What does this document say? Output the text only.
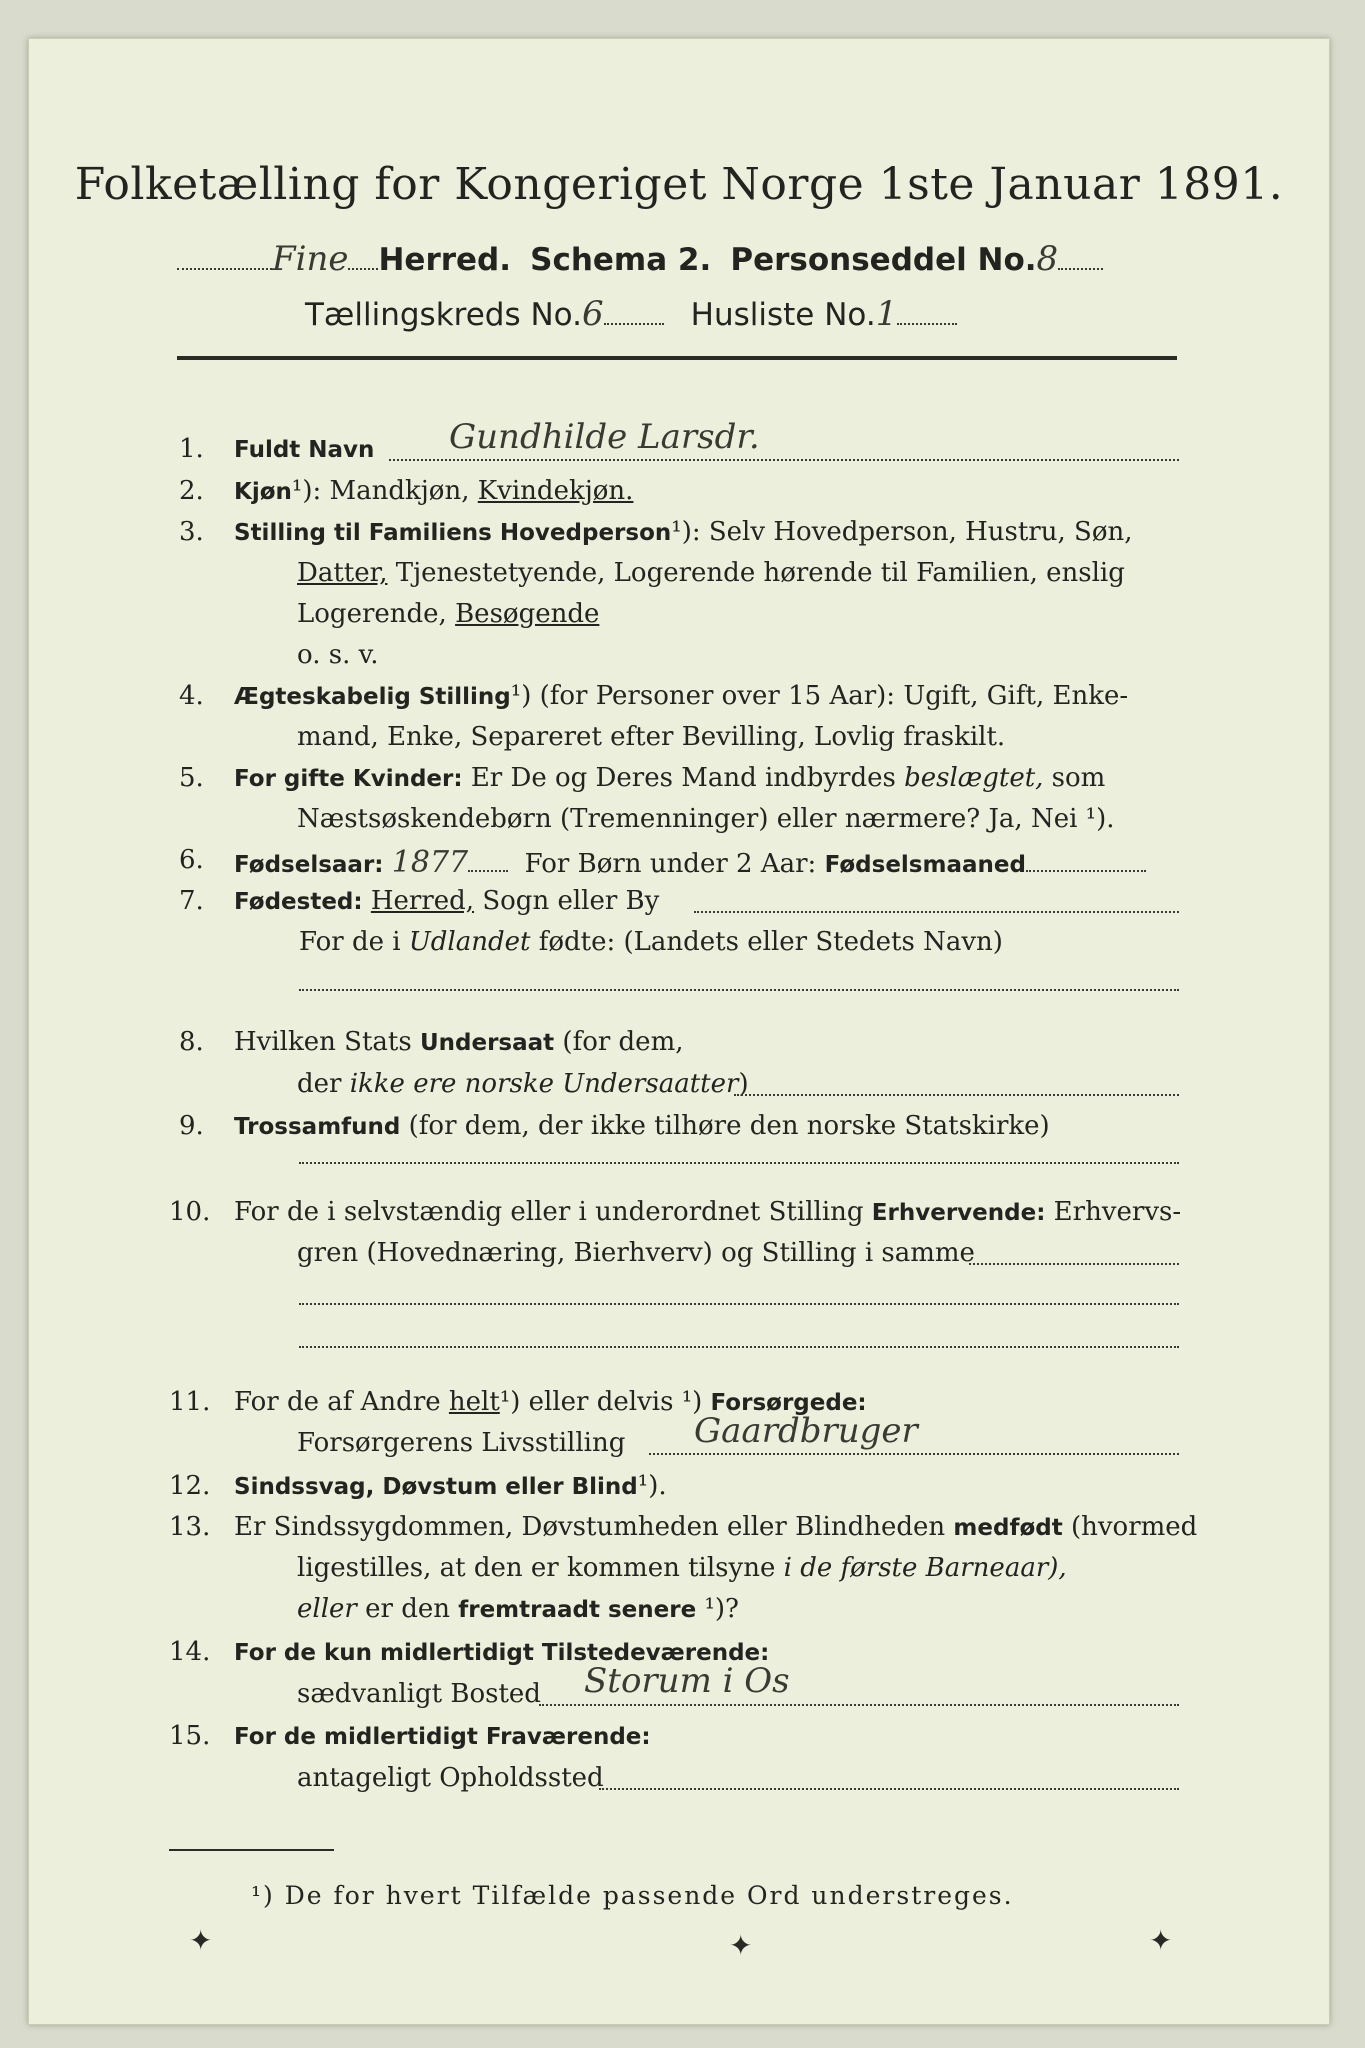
Folketælling for Kongeriget Norge 1ste Januar 1891.
Fine Herred. Schema 2. Personseddel No.8
Tællingskreds No.6	Husliste No.1
1.	Fuldt Navn Gundhilde Larsdr.
2.	Kjøn¹): Mandkjøn, Kvindekjøn.
3.	Stilling til Familiens Hovedperson¹): Selv Hovedperson, Hustru, Søn,
Datter, Tjenestetyende, Logerende hørende til Familien, enslig
Logerende, Besøgende
o. s. v.
4.	Ægteskabelig Stilling¹) (for Personer over 15 Aar): Ugift, Gift, Enke-
mand, Enke, Separeret efter Bevilling, Lovlig fraskilt.
5.	For gifte Kvinder: Er De og Deres Mand indbyrdes beslægtet, som
Næstsøskendebørn (Tremenninger) eller nærmere? Ja, Nei ¹).
6.	Fødselsaar: 1877 For Børn under 2 Aar: Fødselsmaaned
7.	Fødested: Herred, Sogn eller By
For de i Udlandet fødte: (Landets eller Stedets Navn)
8.	Hvilken Stats Undersaat (for dem,
der ikke ere norske Undersaatter)
9.	Trossamfund (for dem, der ikke tilhøre den norske Statskirke)
10. For de i selvstændig eller i underordnet Stilling Erhvervende: Erhvervs-
gren (Hovednæring, Bierhverv) og Stilling i samme
11. For de af Andre helt¹) eller delvis ¹) Forsørgede:
Forsørgerens Livsstilling Gaardbruger
12.	Sindssvag, Døvstum eller Blind¹).
13. Er Sindssygdommen, Døvstumheden eller Blindheden medfødt (hvormed
ligestilles, at den er kommen tilsyne i de første Barneaar),
eller er den fremtraadt senere ¹)?
14.	For de kun midlertidigt Tilstedeværende:
sædvanligt Bosted Storum i Os
15.	For de midlertidigt Fraværende:
antageligt Opholdssted
¹) De for hvert Tilfælde passende Ord understreges.
✦	✦	✦
